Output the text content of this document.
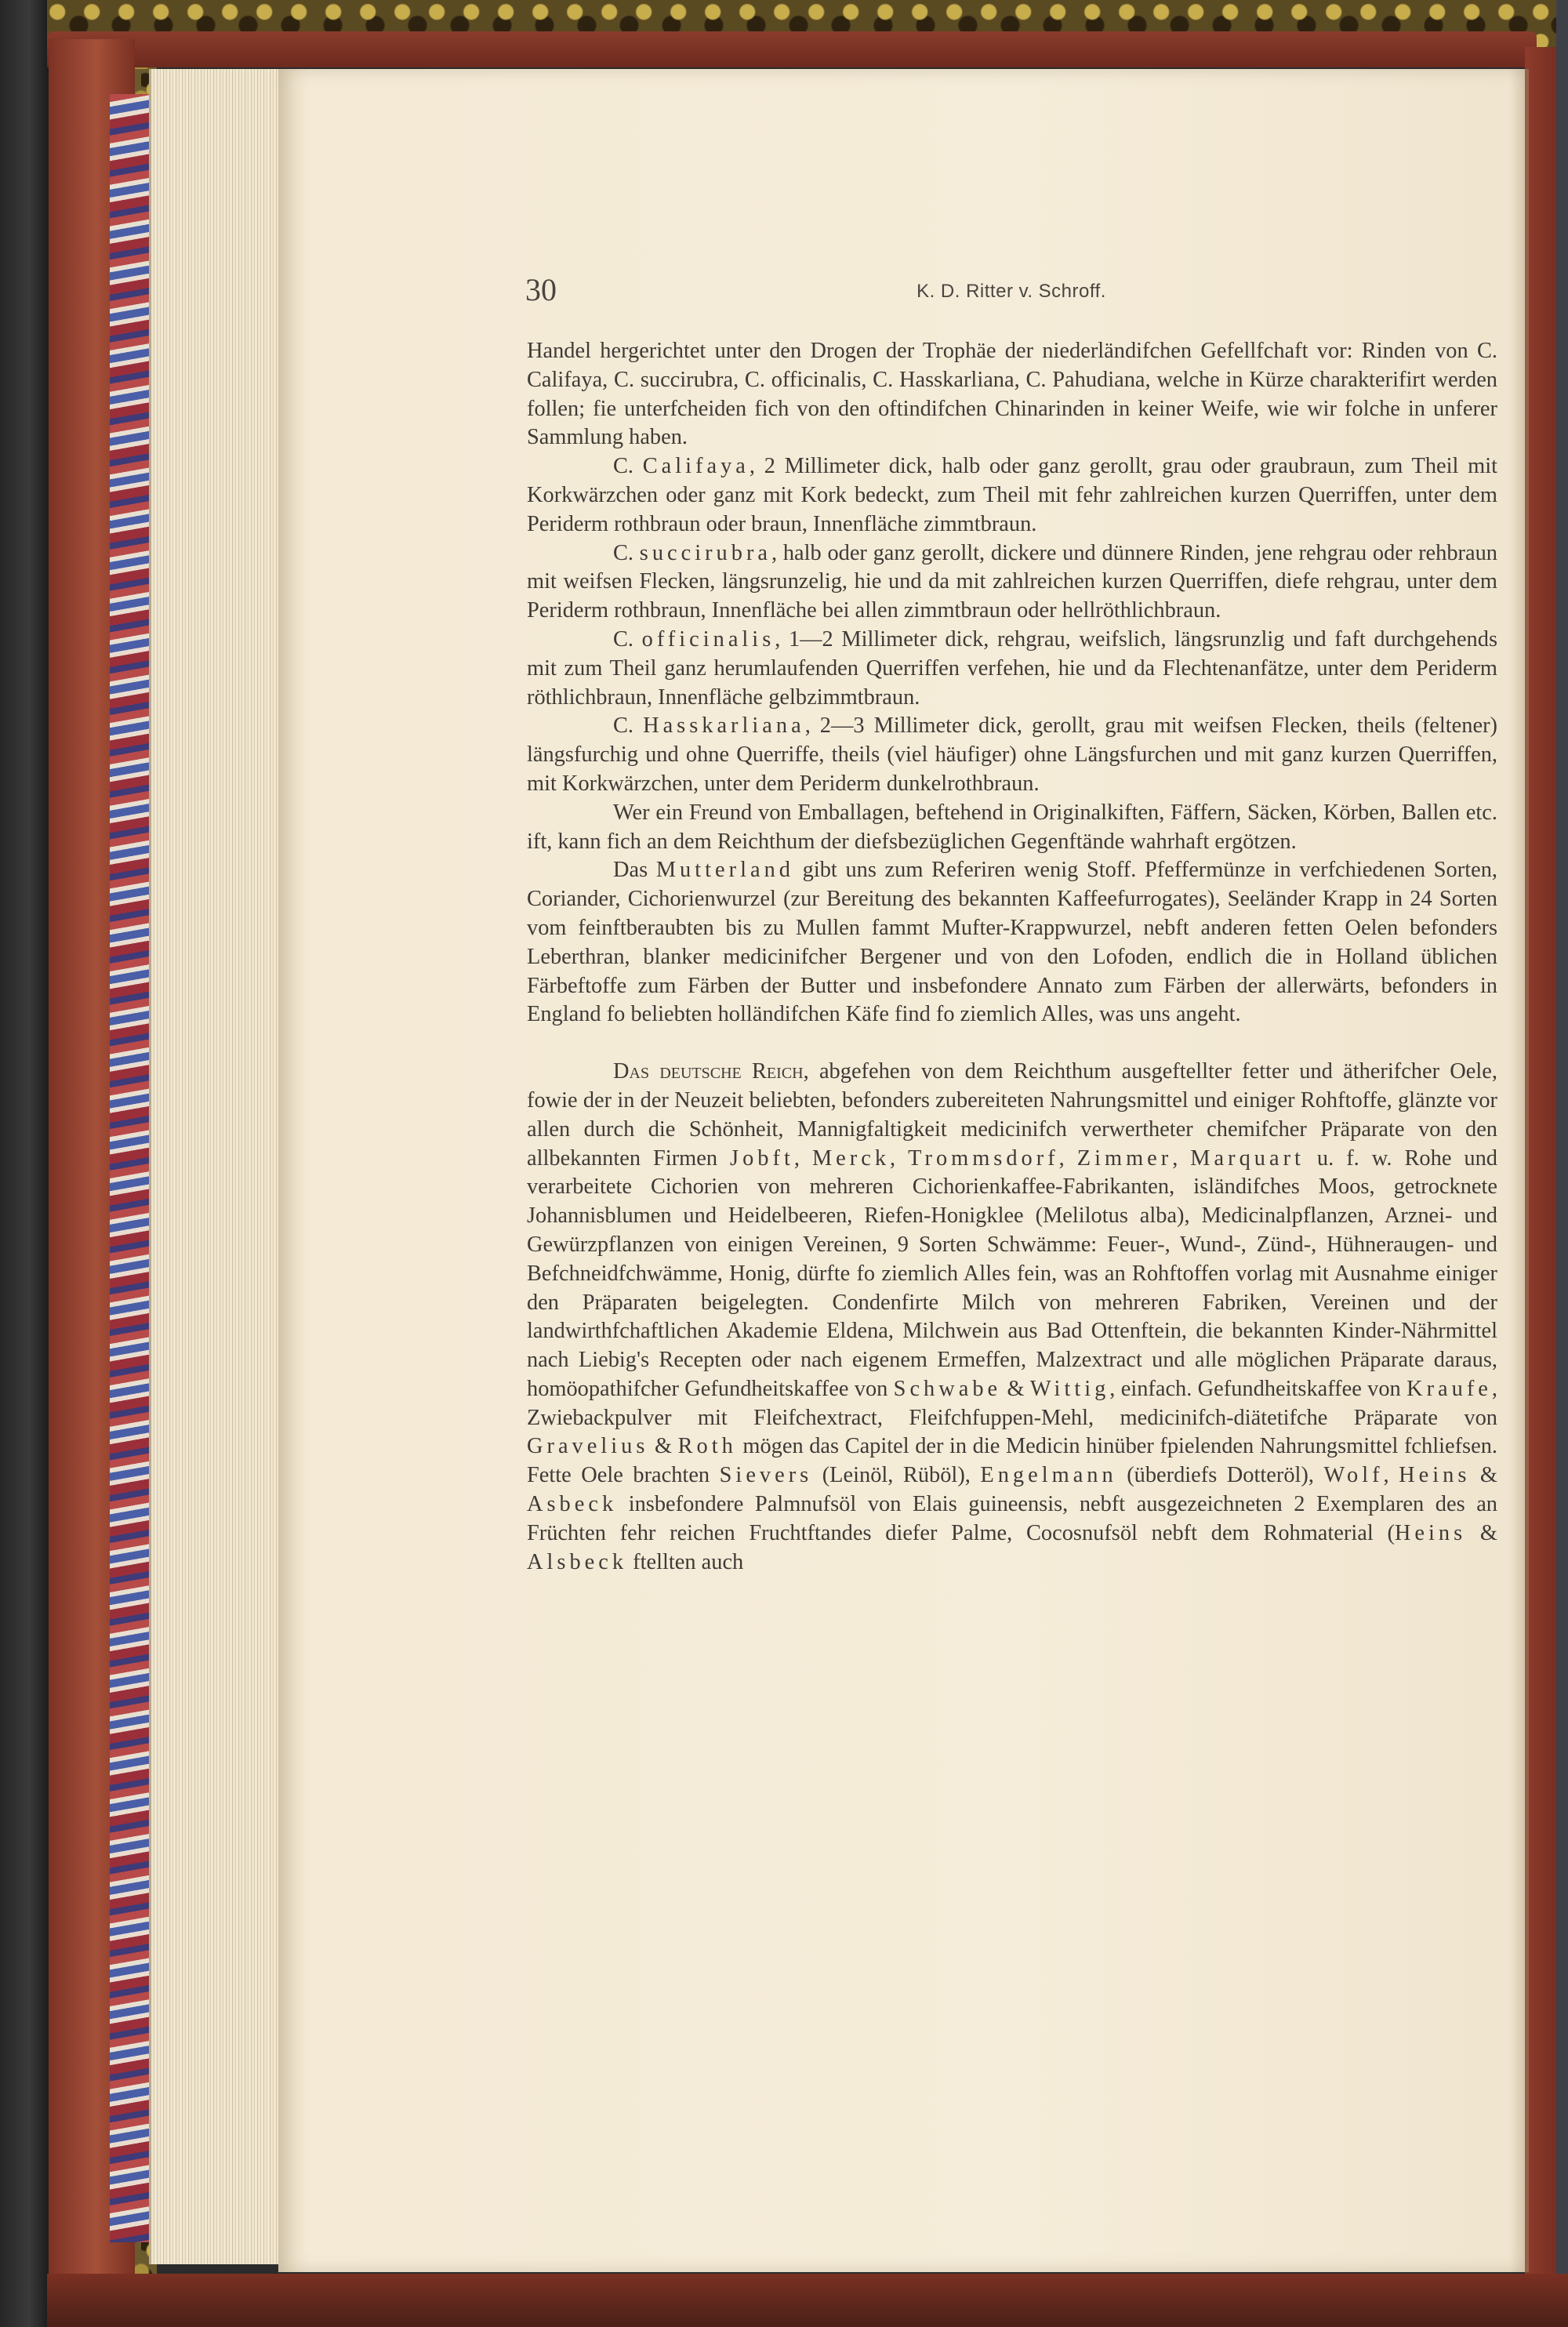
30	K. D. Ritter v. Schroff.

Handel hergerichtet unter den Drogen der Trophäe der niederländifchen Gefellfchaft vor: Rinden von C. Califaya, C. succirubra, C. officinalis, C. Hasskarliana, C. Pahudiana, welche in Kürze charakterifirt werden follen; fie unterfcheiden fich von den oftindifchen Chinarinden in keiner Weife, wie wir folche in unferer Sammlung haben.

C. Califaya, 2 Millimeter dick, halb oder ganz gerollt, grau oder graubraun, zum Theil mit Korkwärzchen oder ganz mit Kork bedeckt, zum Theil mit fehr zahlreichen kurzen Querriffen, unter dem Periderm rothbraun oder braun, Innenfläche zimmtbraun.

C. succirubra, halb oder ganz gerollt, dickere und dünnere Rinden, jene rehgrau oder rehbraun mit weifsen Flecken, längsrunzelig, hie und da mit zahlreichen kurzen Querriffen, diefe rehgrau, unter dem Periderm rothbraun, Innenfläche bei allen zimmtbraun oder hellröthlichbraun.

C. officinalis, 1—2 Millimeter dick, rehgrau, weifslich, längsrunzlig und faft durchgehends mit zum Theil ganz herumlaufenden Querriffen verfehen, hie und da Flechtenanfätze, unter dem Periderm röthlichbraun, Innenfläche gelbzimmtbraun.

C. Hasskarliana, 2—3 Millimeter dick, gerollt, grau mit weifsen Flecken, theils (feltener) längsfurchig und ohne Querriffe, theils (viel häufiger) ohne Längsfurchen und mit ganz kurzen Querriffen, mit Korkwärzchen, unter dem Periderm dunkelrothbraun.

Wer ein Freund von Emballagen, beftehend in Originalkiften, Fäffern, Säcken, Körben, Ballen etc. ift, kann fich an dem Reichthum der diefsbezüglichen Gegenftände wahrhaft ergötzen.

Das Mutterland gibt uns zum Referiren wenig Stoff. Pfeffermünze in verfchiedenen Sorten, Coriander, Cichorienwurzel (zur Bereitung des bekannten Kaffeefurrogates), Seeländer Krapp in 24 Sorten vom feinftberaubten bis zu Mullen fammt Mufter-Krappwurzel, nebft anderen fetten Oelen befonders Leberthran, blanker medicinifcher Bergener und von den Lofoden, endlich die in Holland üblichen Färbeftoffe zum Färben der Butter und insbefondere Annato zum Färben der allerwärts, befonders in England fo beliebten holländifchen Käfe find fo ziemlich Alles, was uns angeht.

Das deutsche Reich, abgefehen von dem Reichthum ausgeftellter fetter und ätherifcher Oele, fowie der in der Neuzeit beliebten, befonders zubereiteten Nahrungsmittel und einiger Rohftoffe, glänzte vor allen durch die Schönheit, Mannigfaltigkeit medicinifch verwertheter chemifcher Präparate von den allbekannten Firmen Jobft, Merck, Trommsdorf, Zimmer, Marquart u. f. w. Rohe und verarbeitete Cichorien von mehreren Cichorienkaffee-Fabrikanten, isländifches Moos, getrocknete Johannisblumen und Heidelbeeren, Riefen-Honigklee (Melilotus alba), Medicinalpflanzen, Arznei- und Gewürzpflanzen von einigen Vereinen, 9 Sorten Schwämme: Feuer-, Wund-, Zünd-, Hühneraugen- und Befchneidfchwämme, Honig, dürfte fo ziemlich Alles fein, was an Rohftoffen vorlag mit Ausnahme einiger den Präparaten beigelegten. Condenfirte Milch von mehreren Fabriken, Vereinen und der landwirthfchaftlichen Akademie Eldena, Milchwein aus Bad Ottenftein, die bekannten Kinder-Nährmittel nach Liebig's Recepten oder nach eigenem Ermeffen, Malzextract und alle möglichen Präparate daraus, homöopathifcher Gefundheitskaffee von Schwabe & Wittig, einfach. Gefundheitskaffee von Kraufe, Zwiebackpulver mit Fleifchextract, Fleifchfuppen-Mehl, medicinifch-diätetifche Präparate von Gravelius & Roth mögen das Capitel der in die Medicin hinüber fpielenden Nahrungsmittel fchliefsen. Fette Oele brachten Sievers (Leinöl, Rüböl), Engelmann (überdiefs Dotteröl), Wolf, Heins & Asbeck insbefondere Palmnufsöl von Elais guineensis, nebft ausgezeichneten 2 Exemplaren des an Früchten fehr reichen Fruchtftandes diefer Palme, Cocosnufsöl nebft dem Rohmaterial (Heins & Alsbeck ftellten auch
